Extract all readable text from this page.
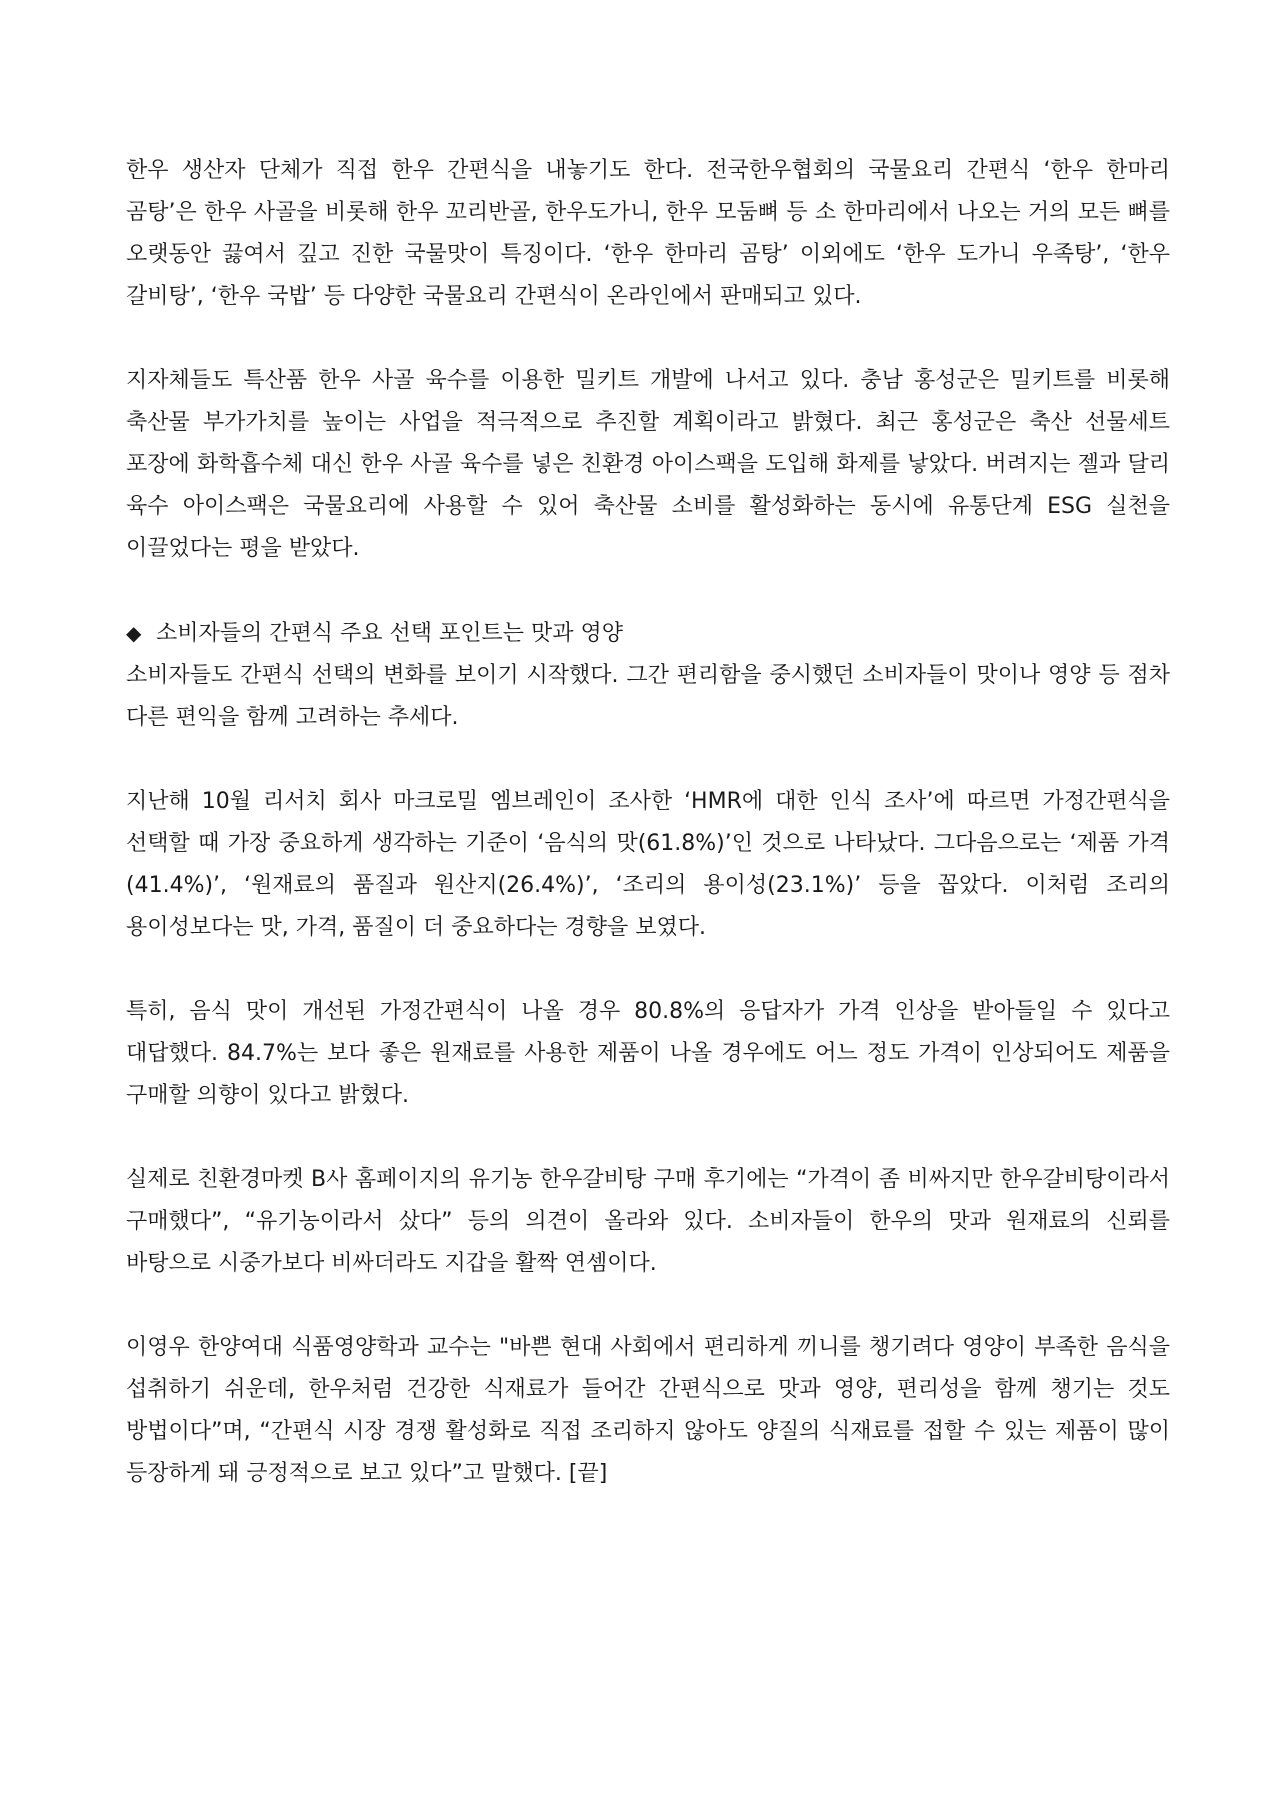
한우 생산자 단체가 직접 한우 간편식을 내놓기도 한다. 전국한우협회의 국물요리 간편식 ‘한우 한마리 곰탕’은 한우 사골을 비롯해 한우 꼬리반골, 한우도가니, 한우 모둠뼈 등 소 한마리에서 나오는 거의 모든 뼈를 오랫동안 끓여서 깊고 진한 국물맛이 특징이다. ‘한우 한마리 곰탕’ 이외에도 ‘한우 도가니 우족탕’, ‘한우 갈비탕’, ‘한우 국밥’ 등 다양한 국물요리 간편식이 온라인에서 판매되고 있다.

지자체들도 특산품 한우 사골 육수를 이용한 밀키트 개발에 나서고 있다. 충남 홍성군은 밀키트를 비롯해 축산물 부가가치를 높이는 사업을 적극적으로 추진할 계획이라고 밝혔다. 최근 홍성군은 축산 선물세트 포장에 화학흡수체 대신 한우 사골 육수를 넣은 친환경 아이스팩을 도입해 화제를 낳았다. 버려지는 젤과 달리 육수 아이스팩은 국물요리에 사용할 수 있어 축산물 소비를 활성화하는 동시에 유통단계 ESG 실천을 이끌었다는 평을 받았다.

◆ 소비자들의 간편식 주요 선택 포인트는 맛과 영양

소비자들도 간편식 선택의 변화를 보이기 시작했다. 그간 편리함을 중시했던 소비자들이 맛이나 영양 등 점차 다른 편익을 함께 고려하는 추세다.

지난해 10월 리서치 회사 마크로밀 엠브레인이 조사한 ‘HMR에 대한 인식 조사’에 따르면 가정간편식을 선택할 때 가장 중요하게 생각하는 기준이 ‘음식의 맛(61.8%)’인 것으로 나타났다. 그다음으로는 ‘제품 가격(41.4%)’, ‘원재료의 품질과 원산지(26.4%)’, ‘조리의 용이성(23.1%)’ 등을 꼽았다. 이처럼 조리의 용이성보다는 맛, 가격, 품질이 더 중요하다는 경향을 보였다.

특히, 음식 맛이 개선된 가정간편식이 나올 경우 80.8%의 응답자가 가격 인상을 받아들일 수 있다고 대답했다. 84.7%는 보다 좋은 원재료를 사용한 제품이 나올 경우에도 어느 정도 가격이 인상되어도 제품을 구매할 의향이 있다고 밝혔다.

실제로 친환경마켓 B사 홈페이지의 유기농 한우갈비탕 구매 후기에는 “가격이 좀 비싸지만 한우갈비탕이라서 구매했다”, “유기농이라서 샀다” 등의 의견이 올라와 있다. 소비자들이 한우의 맛과 원재료의 신뢰를 바탕으로 시중가보다 비싸더라도 지갑을 활짝 연셈이다.

이영우 한양여대 식품영양학과 교수는 "바쁜 현대 사회에서 편리하게 끼니를 챙기려다 영양이 부족한 음식을 섭취하기 쉬운데, 한우처럼 건강한 식재료가 들어간 간편식으로 맛과 영양, 편리성을 함께 챙기는 것도 방법이다”며, “간편식 시장 경쟁 활성화로 직접 조리하지 않아도 양질의 식재료를 접할 수 있는 제품이 많이 등장하게 돼 긍정적으로 보고 있다”고 말했다. [끝]
